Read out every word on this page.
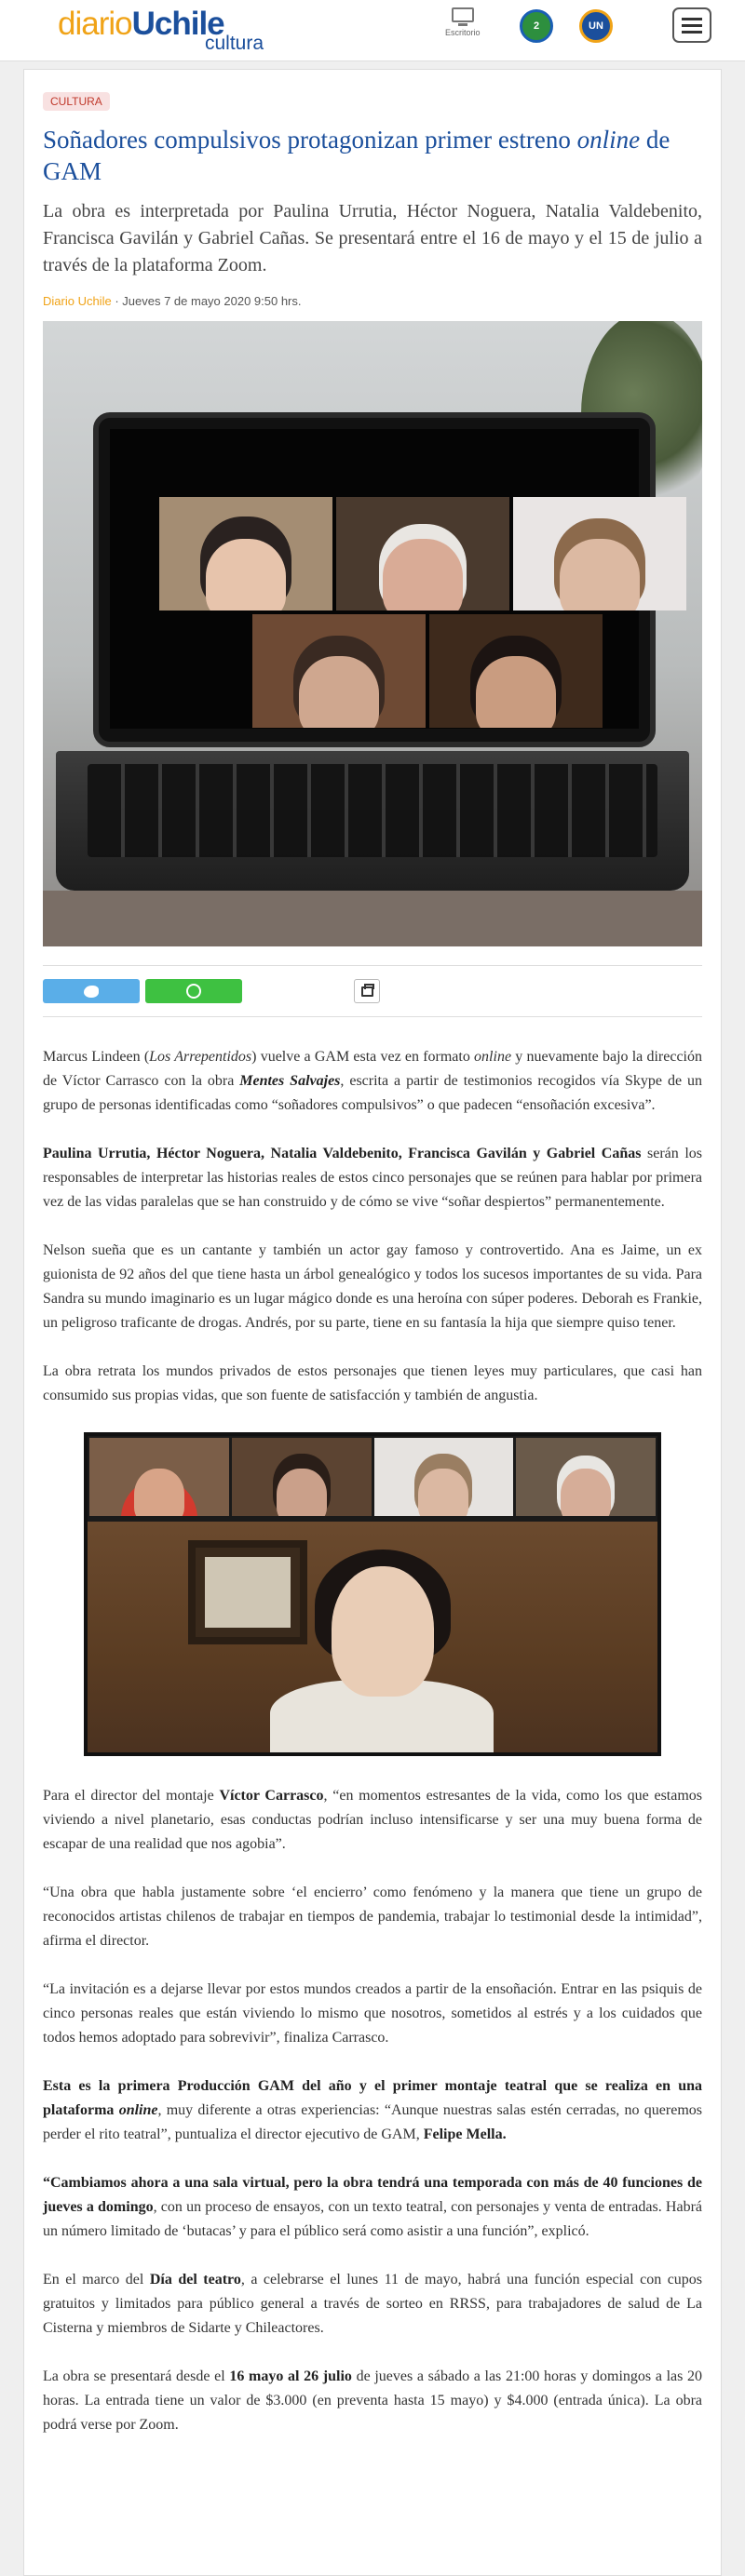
diarioUchile
cultura	Escritorio
2	UN
CULTURA
Soñadores compulsivos protagonizan primer estreno online de GAM

La obra es interpretada por Paulina Urrutia, Héctor Noguera, Natalia Valdebenito, Francisca Gavilán y Gabriel Cañas. Se presentará entre el 16 de mayo y el 15 de julio a través de la plataforma Zoom.

Diario Uchile · Jueves 7 de mayo 2020 9:50 hrs.

Marcus Lindeen (Los Arrepentidos) vuelve a GAM esta vez en formato online y nuevamente bajo la dirección de Víctor Carrasco con la obra Mentes Salvajes, escrita a partir de testimonios recogidos vía Skype de un grupo de personas identificadas como “soñadores compulsivos” o que padecen “ensoñación excesiva”.

Paulina Urrutia, Héctor Noguera, Natalia Valdebenito, Francisca Gavilán y Gabriel Cañas serán los responsables de interpretar las historias reales de estos cinco personajes que se reúnen para hablar por primera vez de las vidas paralelas que se han construido y de cómo se vive “soñar despiertos” permanentemente.

Nelson sueña que es un cantante y también un actor gay famoso y controvertido. Ana es Jaime, un ex guionista de 92 años del que tiene hasta un árbol genealógico y todos los sucesos importantes de su vida. Para Sandra su mundo imaginario es un lugar mágico donde es una heroína con súper poderes. Deborah es Frankie, un peligroso traficante de drogas. Andrés, por su parte, tiene en su fantasía la hija que siempre quiso tener.

La obra retrata los mundos privados de estos personajes que tienen leyes muy particulares, que casi han consumido sus propias vidas, que son fuente de satisfacción y también de angustia.

Para el director del montaje Víctor Carrasco, “en momentos estresantes de la vida, como los que estamos viviendo a nivel planetario, esas conductas podrían incluso intensificarse y ser una muy buena forma de escapar de una realidad que nos agobia”.

“Una obra que habla justamente sobre ‘el encierro’ como fenómeno y la manera que tiene un grupo de reconocidos artistas chilenos de trabajar en tiempos de pandemia, trabajar lo testimonial desde la intimidad”, afirma el director.

“La invitación es a dejarse llevar por estos mundos creados a partir de la ensoñación. Entrar en las psiquis de cinco personas reales que están viviendo lo mismo que nosotros, sometidos al estrés y a los cuidados que todos hemos adoptado para sobrevivir”, finaliza Carrasco.

Esta es la primera Producción GAM del año y el primer montaje teatral que se realiza en una plataforma online, muy diferente a otras experiencias: “Aunque nuestras salas estén cerradas, no queremos perder el rito teatral”, puntualiza el director ejecutivo de GAM, Felipe Mella.

“Cambiamos ahora a una sala virtual, pero la obra tendrá una temporada con más de 40 funciones de jueves a domingo, con un proceso de ensayos, con un texto teatral, con personajes y venta de entradas. Habrá un número limitado de ‘butacas’ y para el público será como asistir a una función”, explicó.

En el marco del Día del teatro, a celebrarse el lunes 11 de mayo, habrá una función especial con cupos gratuitos y limitados para público general a través de sorteo en RRSS, para trabajadores de salud de La Cisterna y miembros de Sidarte y Chileactores.

La obra se presentará desde el 16 mayo al 26 julio de jueves a sábado a las 21:00 horas y domingos a las 20 horas. La entrada tiene un valor de $3.000 (en preventa hasta 15 mayo) y $4.000 (entrada única). La obra podrá verse por Zoom.
